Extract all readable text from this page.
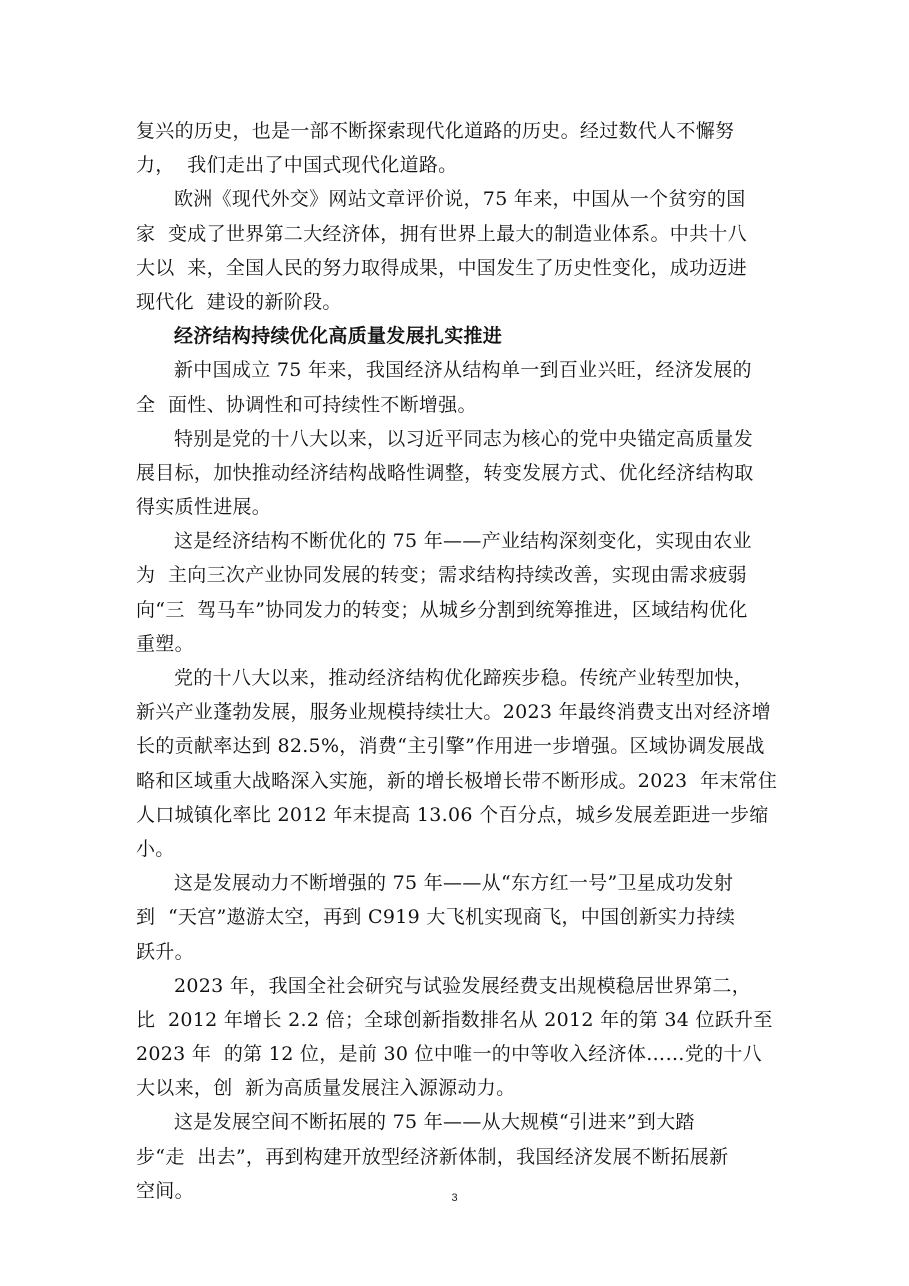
复兴的历史，也是一部不断探索现代化道路的历史。经过数代人不懈努
力，  我们走出了中国式现代化道路。
欧洲《现代外交》网站文章评价说，75 年来，中国从一个贫穷的国
家  变成了世界第二大经济体，拥有世界上最大的制造业体系。中共十八
大以  来，全国人民的努力取得成果，中国发生了历史性变化，成功迈进
现代化  建设的新阶段。
经济结构持续优化高质量发展扎实推进
新中国成立 75 年来，我国经济从结构单一到百业兴旺，经济发展的
全  面性、协调性和可持续性不断增强。
特别是党的十八大以来，以习近平同志为核心的党中央锚定高质量发
展目标，加快推动经济结构战略性调整，转变发展方式、优化经济结构取
得实质性进展。
这是经济结构不断优化的 75 年——产业结构深刻变化，实现由农业
为  主向三次产业协同发展的转变；需求结构持续改善，实现由需求疲弱
向“三  驾马车”协同发力的转变；从城乡分割到统筹推进，区域结构优化
重塑。
党的十八大以来，推动经济结构优化蹄疾步稳。传统产业转型加快，
新兴产业蓬勃发展，服务业规模持续壮大。2023 年最终消费支出对经济增
长的贡献率达到 82.5%，消费“主引擎”作用进一步增强。区域协调发展战
略和区域重大战略深入实施，新的增长极增长带不断形成。2023  年末常住
人口城镇化率比 2012 年末提高 13.06 个百分点，城乡发展差距进一步缩
小。
这是发展动力不断增强的 75 年——从“东方红一号”卫星成功发射
到  “天宫”遨游太空，再到 C919 大飞机实现商飞，中国创新实力持续
跃升。
2023 年，我国全社会研究与试验发展经费支出规模稳居世界第二，
比  2012 年增长 2.2 倍；全球创新指数排名从 2012 年的第 34 位跃升至
2023 年  的第 12 位，是前 30 位中唯一的中等收入经济体……党的十八
大以来，创  新为高质量发展注入源源动力。
这是发展空间不断拓展的 75 年——从大规模“引进来”到大踏
步“走  出去”，再到构建开放型经济新体制，我国经济发展不断拓展新
空间。	3
